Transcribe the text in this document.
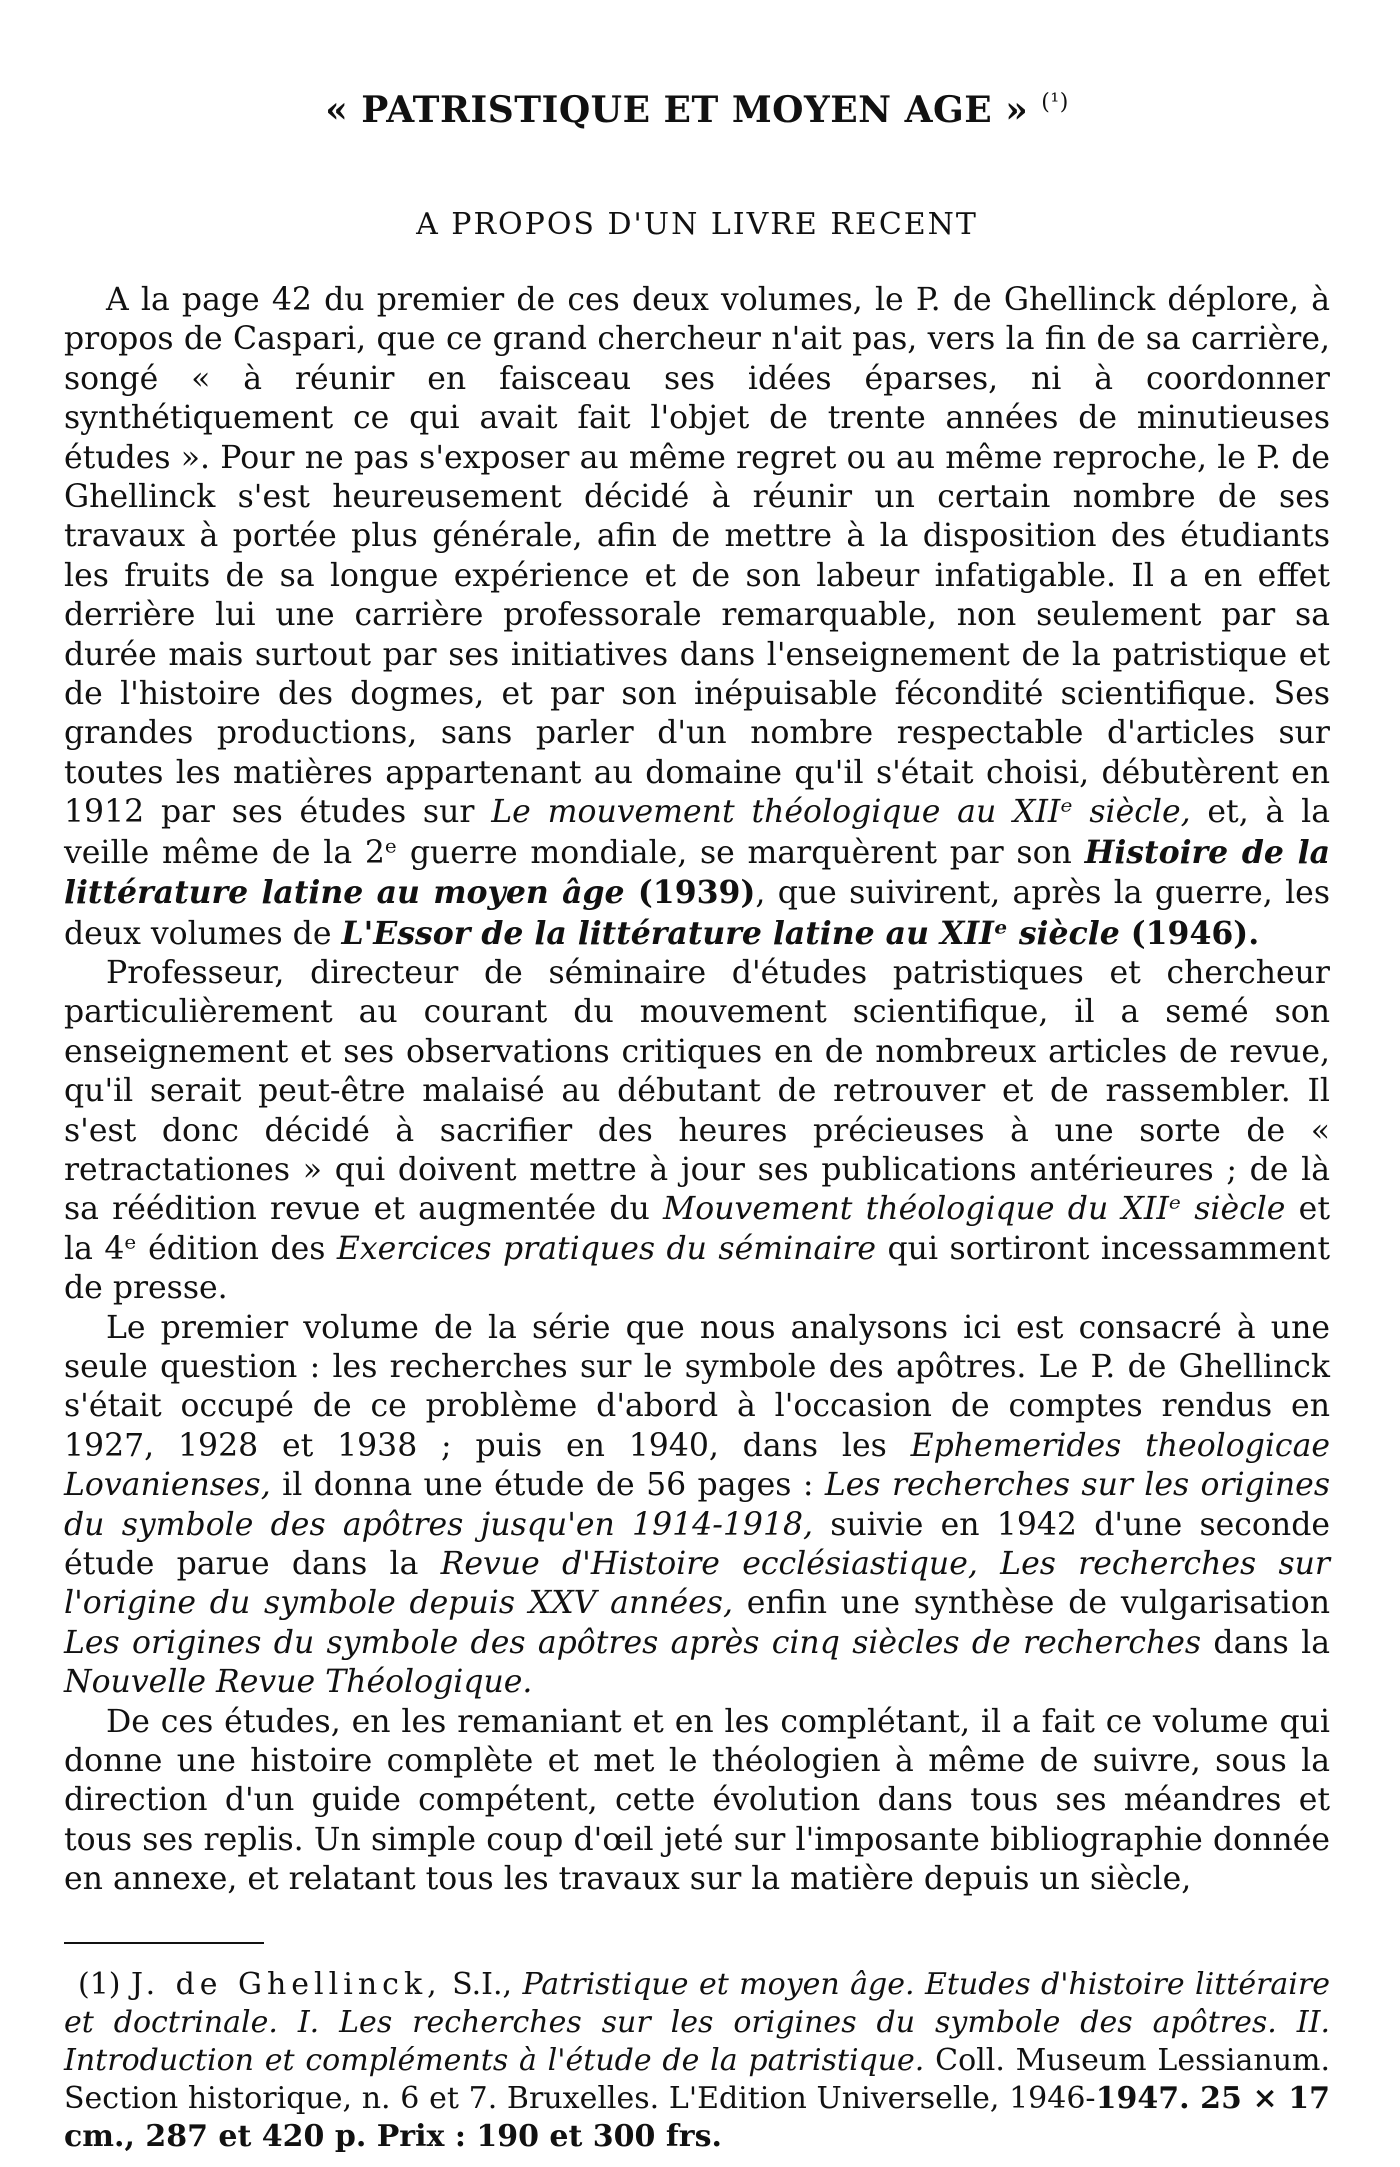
« PATRISTIQUE ET MOYEN AGE » $^{(^1)}$
A PROPOS D'UN LIVRE RECENT

A la page 42 du premier de ces deux volumes, le P. de Ghellinck déplore, à propos de Caspari, que ce grand chercheur n'ait pas, vers la fin de sa carrière, songé « à réunir en faisceau ses idées éparses, ni à coordonner synthétiquement ce qui avait fait l'objet de trente années de minutieuses études ». Pour ne pas s'exposer au même regret ou au même reproche, le P. de Ghellinck s'est heureusement décidé à réunir un certain nombre de ses travaux à portée plus générale, afin de mettre à la disposition des étudiants les fruits de sa longue expérience et de son labeur infatigable. Il a en effet derrière lui une carrière professorale remarquable, non seulement par sa durée mais surtout par ses initiatives dans l'enseignement de la patristique et de l'histoire des dogmes, et par son inépuisable fécondité scientifique. Ses grandes productions, sans parler d'un nombre respectable d'articles sur toutes les matières appartenant au domaine qu'il s'était choisi, débutèrent en 1912 par ses études sur Le mouvement théologique au XIIᵉ siècle, et, à la veille même de la 2ᵉ guerre mondiale, se marquèrent par son Histoire de la littérature latine au moyen âge (1939), que suivirent, après la guerre, les deux volumes de L'Essor de la littérature latine au XIIᵉ siècle (1946).

Professeur, directeur de séminaire d'études patristiques et chercheur particulièrement au courant du mouvement scientifique, il a semé son enseignement et ses observations critiques en de nombreux articles de revue, qu'il serait peut-être malaisé au débutant de retrouver et de rassembler. Il s'est donc décidé à sacrifier des heures précieuses à une sorte de « retractationes » qui doivent mettre à jour ses publications antérieures ; de là sa réédition revue et augmentée du Mouvement théologique du XIIᵉ siècle et la 4ᵉ édition des Exercices pratiques du séminaire qui sortiront incessamment de presse.

Le premier volume de la série que nous analysons ici est consacré à une seule question : les recherches sur le symbole des apôtres. Le P. de Ghellinck s'était occupé de ce problème d'abord à l'occasion de comptes rendus en 1927, 1928 et 1938 ; puis en 1940, dans les Ephemerides theologicae Lovanienses, il donna une étude de 56 pages : Les recherches sur les origines du symbole des apôtres jusqu'en 1914-1918, suivie en 1942 d'une seconde étude parue dans la Revue d'Histoire ecclésiastique, Les recherches sur l'origine du symbole depuis XXV années, enfin une synthèse de vulgarisation Les origines du symbole des apôtres après cinq siècles de recherches dans la Nouvelle Revue Théologique.

De ces études, en les remaniant et en les complétant, il a fait ce volume qui donne une histoire complète et met le théologien à même de suivre, sous la direction d'un guide compétent, cette évolution dans tous ses méandres et tous ses replis. Un simple coup d'œil jeté sur l'imposante bibliographie donnée en annexe, et relatant tous les travaux sur la matière depuis un siècle,

(1) J. de Ghellinck, S.I., Patristique et moyen âge. Etudes d'histoire littéraire et doctrinale. I. Les recherches sur les origines du symbole des apôtres. II. Introduction et compléments à l'étude de la patristique. Coll. Museum Lessianum. Section historique, n. 6 et 7. Bruxelles. L'Edition Universelle, 1946-1947. 25 × 17 cm., 287 et 420 p. Prix : 190 et 300 frs.
